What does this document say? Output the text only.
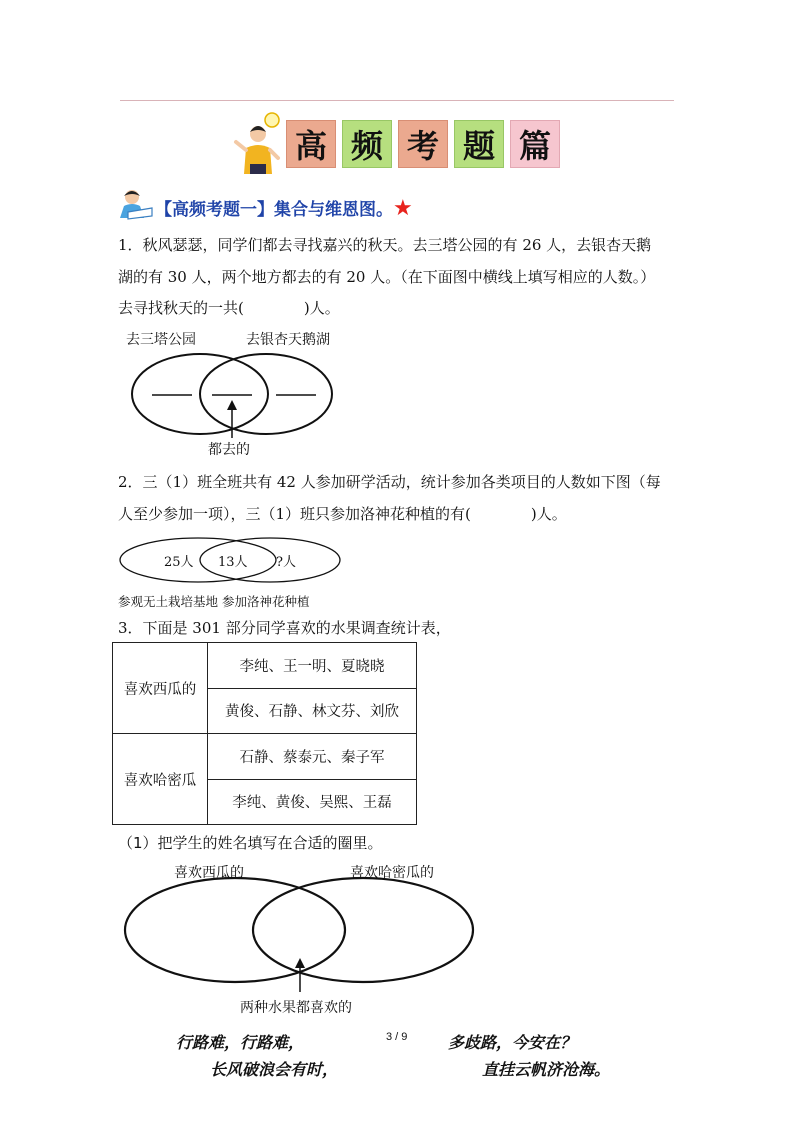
高 频 考 题 篇
【高频考题一】集合与维恩图。★
1．秋风瑟瑟，同学们都去寻找嘉兴的秋天。去三塔公园的有 26 人，去银杏天鹅
湖的有 30 人，两个地方都去的有 20 人。（在下面图中横线上填写相应的人数。）
去寻找秋天的一共(　　　　)人。
去三塔公园	去银杏天鹅湖
都去的
2．三（1）班全班共有 42 人参加研学活动，统计参加各类项目的人数如下图（每
人至少参加一项），三（1）班只参加洛神花种植的有(　　　　)人。
25人 13人 ?人
参观无土栽培基地 参加洛神花种植
3．下面是 301 部分同学喜欢的水果调查统计表，
喜欢西瓜的	李纯、王一明、夏晓晓
	黄俊、石静、林文芬、刘欣
喜欢哈密瓜	石静、蔡泰元、秦子军
	李纯、黄俊、吴熙、王磊
（1）把学生的姓名填写在合适的圈里。
喜欢西瓜的	喜欢哈密瓜的
两种水果都喜欢的
3 / 9
行路难，行路难，	多歧路，今安在？
长风破浪会有时，	直挂云帆济沧海。
